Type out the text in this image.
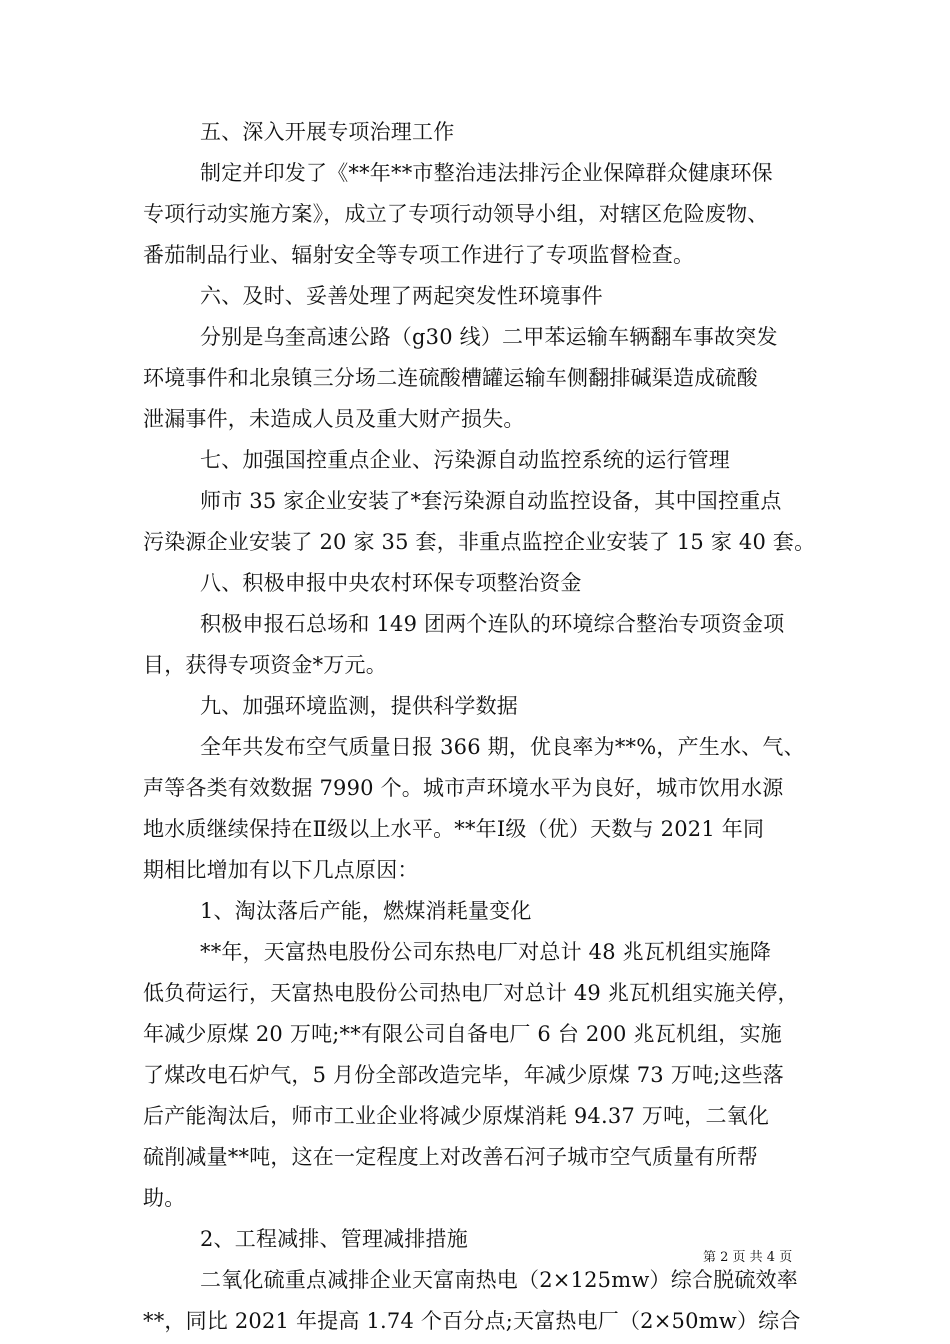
五、深入开展专项治理工作
制定并印发了《**年**市整治违法排污企业保障群众健康环保
专项行动实施方案》，成立了专项行动领导小组，对辖区危险废物、
番茄制品行业、辐射安全等专项工作进行了专项监督检查。
六、及时、妥善处理了两起突发性环境事件
分别是乌奎高速公路（g30 线）二甲苯运输车辆翻车事故突发
环境事件和北泉镇三分场二连硫酸槽罐运输车侧翻排碱渠造成硫酸
泄漏事件，未造成人员及重大财产损失。
七、加强国控重点企业、污染源自动监控系统的运行管理
师市 35 家企业安装了*套污染源自动监控设备，其中国控重点
污染源企业安装了 20 家 35 套，非重点监控企业安装了 15 家 40 套。
八、积极申报中央农村环保专项整治资金
积极申报石总场和 149 团两个连队的环境综合整治专项资金项
目，获得专项资金*万元。
九、加强环境监测，提供科学数据
全年共发布空气质量日报 366 期，优良率为**%，产生水、气、
声等各类有效数据 7990 个。城市声环境水平为良好，城市饮用水源
地水质继续保持在Ⅱ级以上水平。**年Ⅰ级（优）天数与 2021 年同
期相比增加有以下几点原因：
1、淘汰落后产能，燃煤消耗量变化
**年，天富热电股份公司东热电厂对总计 48 兆瓦机组实施降
低负荷运行，天富热电股份公司热电厂对总计 49 兆瓦机组实施关停，
年减少原煤 20 万吨;**有限公司自备电厂 6 台 200 兆瓦机组，实施
了煤改电石炉气，5 月份全部改造完毕，年减少原煤 73 万吨;这些落
后产能淘汰后，师市工业企业将减少原煤消耗 94.37 万吨，二氧化
硫削减量**吨，这在一定程度上对改善石河子城市空气质量有所帮
助。
2、工程减排、管理减排措施
二氧化硫重点减排企业天富南热电（2×125mw）综合脱硫效率
**，同比 2021 年提高 1.74 个百分点;天富热电厂（2×50mw）综合
第 2 页 共 4 页
